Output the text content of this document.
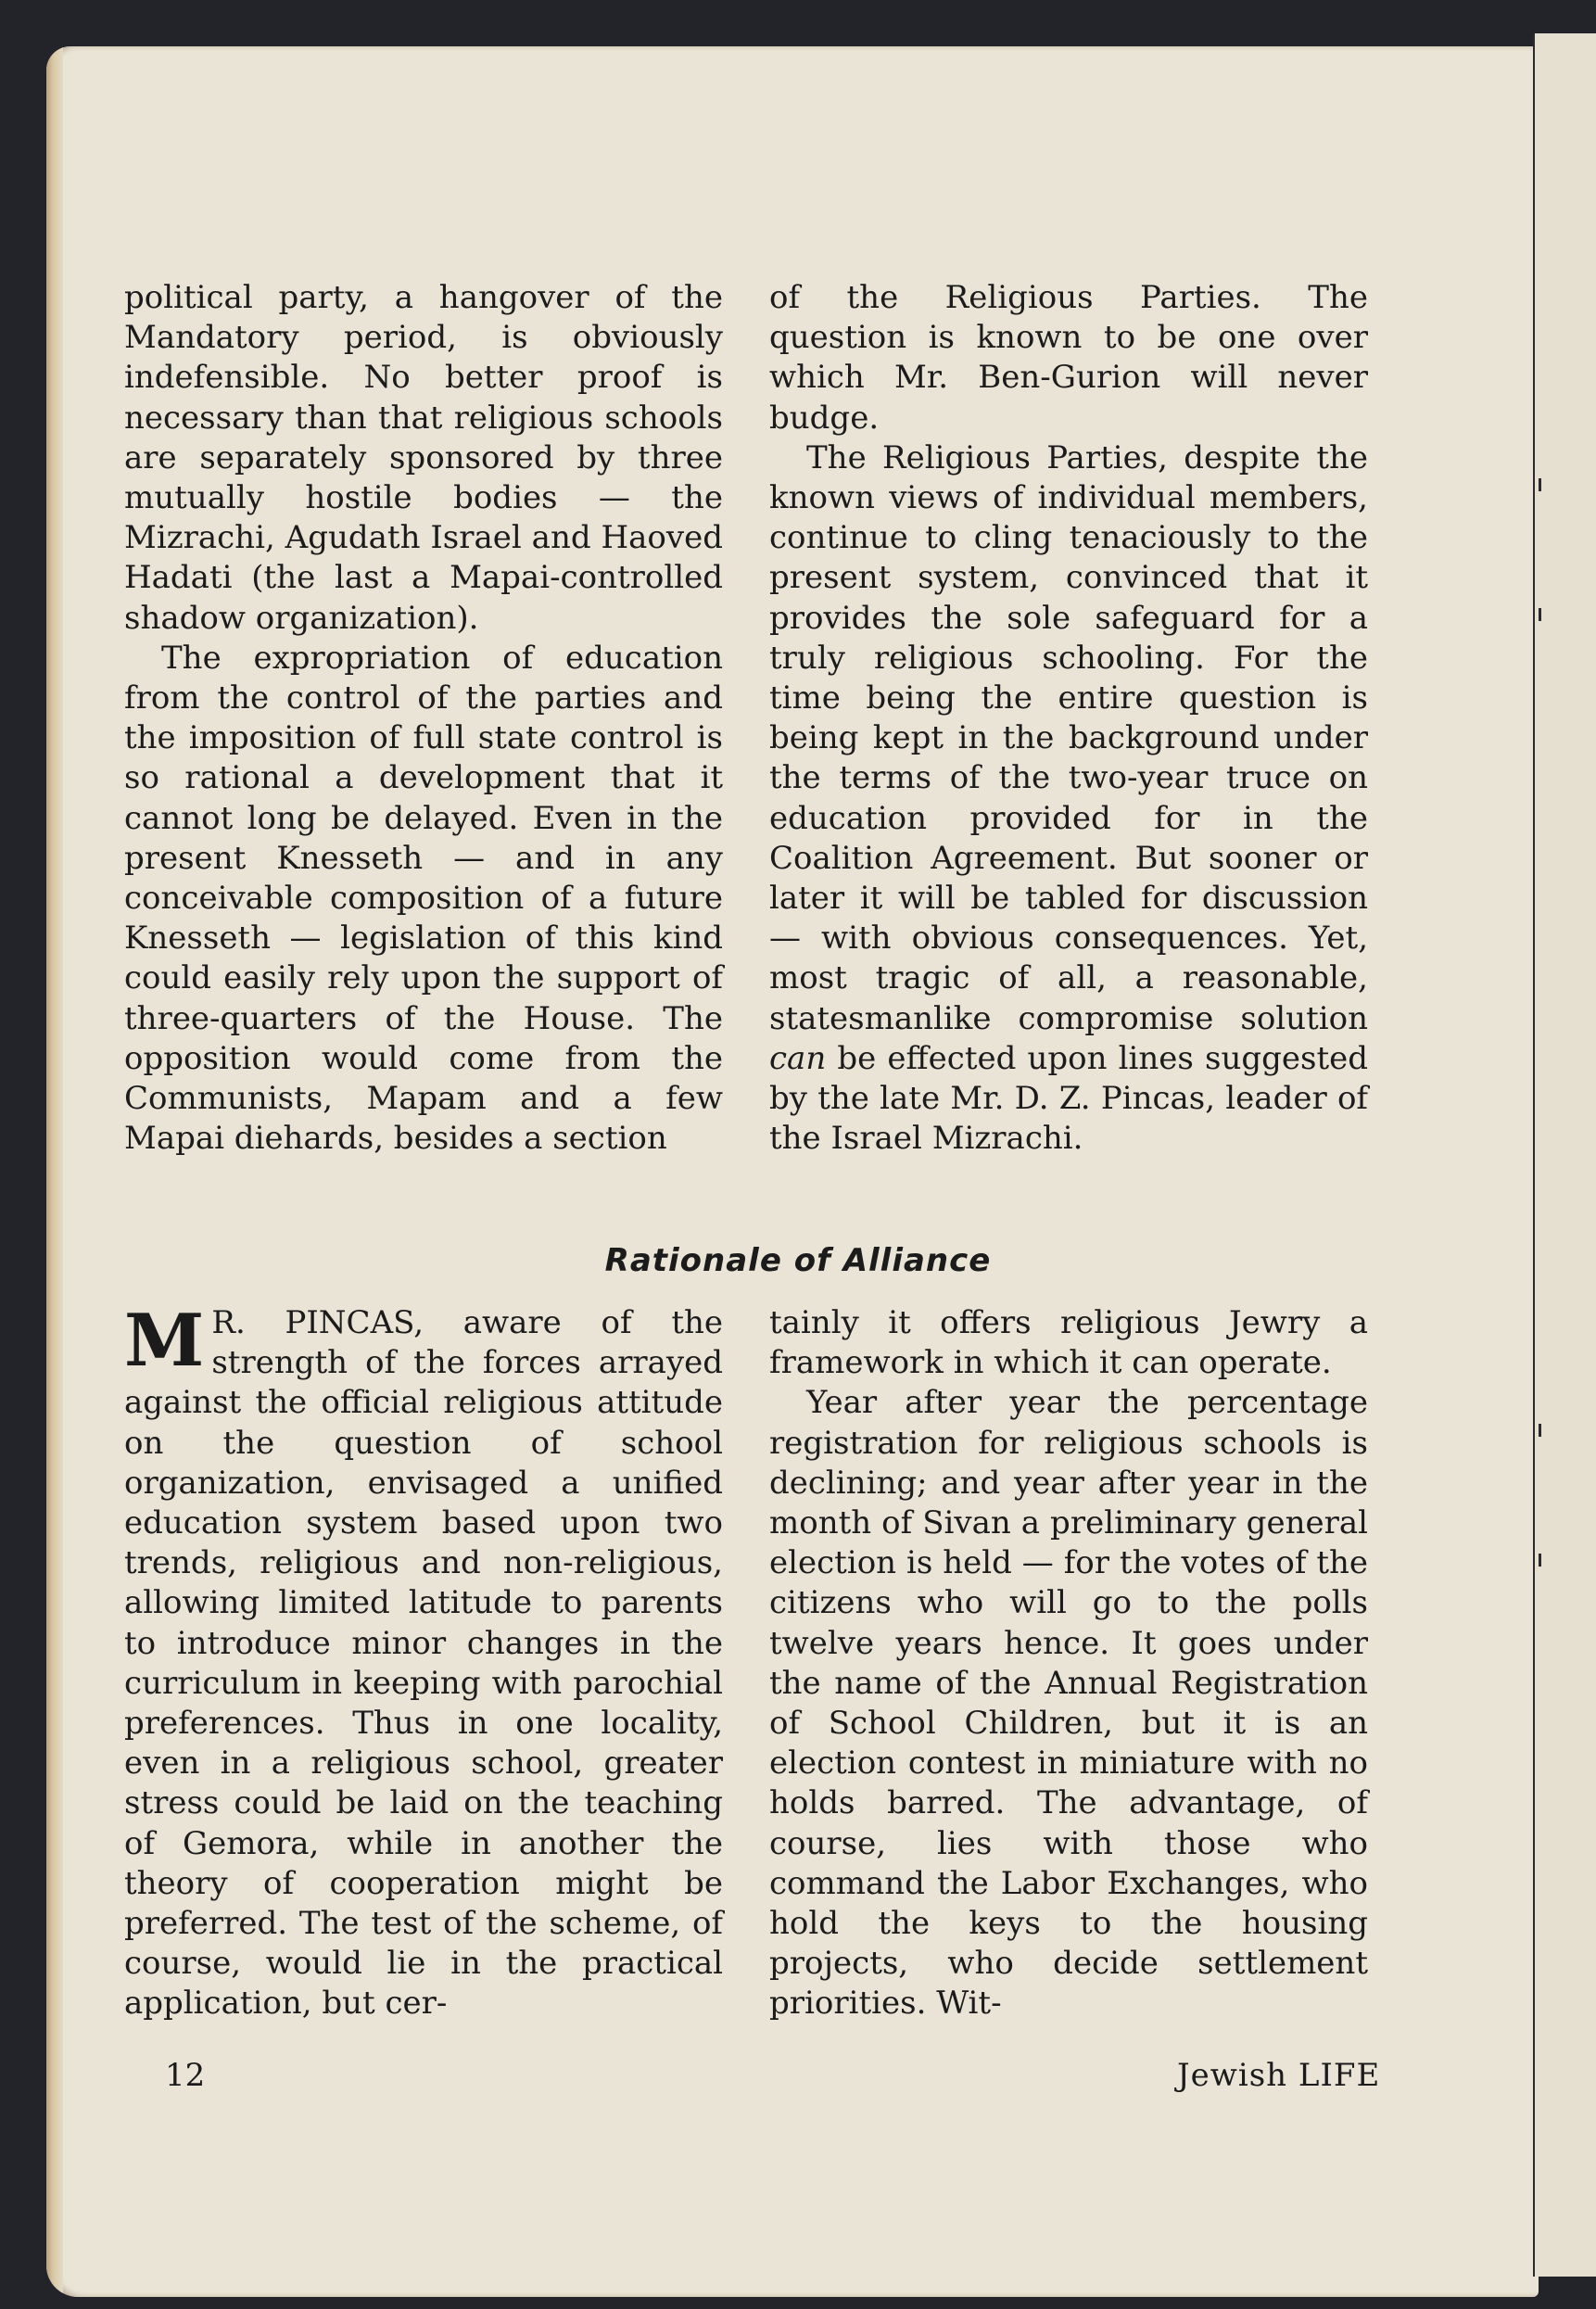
political party, a hangover of the Mandatory period, is obviously indefensible. No better proof is necessary than that religious schools are separately sponsored by three mutually hostile bodies — the Mizrachi, Agudath Israel and Haoved Hadati (the last a Mapai-controlled shadow organization).

The expropriation of education from the control of the parties and the imposition of full state control is so rational a development that it cannot long be delayed. Even in the present Knesseth — and in any conceivable composition of a future Knesseth — legislation of this kind could easily rely upon the support of three-quarters of the House. The opposition would come from the Communists, Mapam and a few Mapai diehards, besides a section

of the Religious Parties. The question is known to be one over which Mr. Ben-Gurion will never budge.

The Religious Parties, despite the known views of individual members, continue to cling tenaciously to the present system, convinced that it provides the sole safeguard for a truly religious schooling. For the time being the entire question is being kept in the background under the terms of the two-year truce on education provided for in the Coalition Agreement. But sooner or later it will be tabled for discussion — with obvious consequences. Yet, most tragic of all, a reasonable, statesmanlike compromise solution can be effected upon lines suggested by the late Mr. D. Z. Pincas, leader of the Israel Mizrachi.

Rationale of Alliance

M R. PINCAS, aware of the strength of the forces arrayed against the official religious attitude on the question of school organization, envisaged a unified education system based upon two trends, religious and non-religious, allowing limited latitude to parents to introduce minor changes in the curriculum in keeping with parochial preferences. Thus in one locality, even in a religious school, greater stress could be laid on the teaching of Gemora, while in another the theory of cooperation might be preferred. The test of the scheme, of course, would lie in the practical application, but cer-

tainly it offers religious Jewry a framework in which it can operate.

Year after year the percentage registration for religious schools is declining; and year after year in the month of Sivan a preliminary general election is held — for the votes of the citizens who will go to the polls twelve years hence. It goes under the name of the Annual Registration of School Children, but it is an election contest in miniature with no holds barred. The advantage, of course, lies with those who command the Labor Exchanges, who hold the keys to the housing projects, who decide settlement priorities. Wit-

12	Jewish LIFE
